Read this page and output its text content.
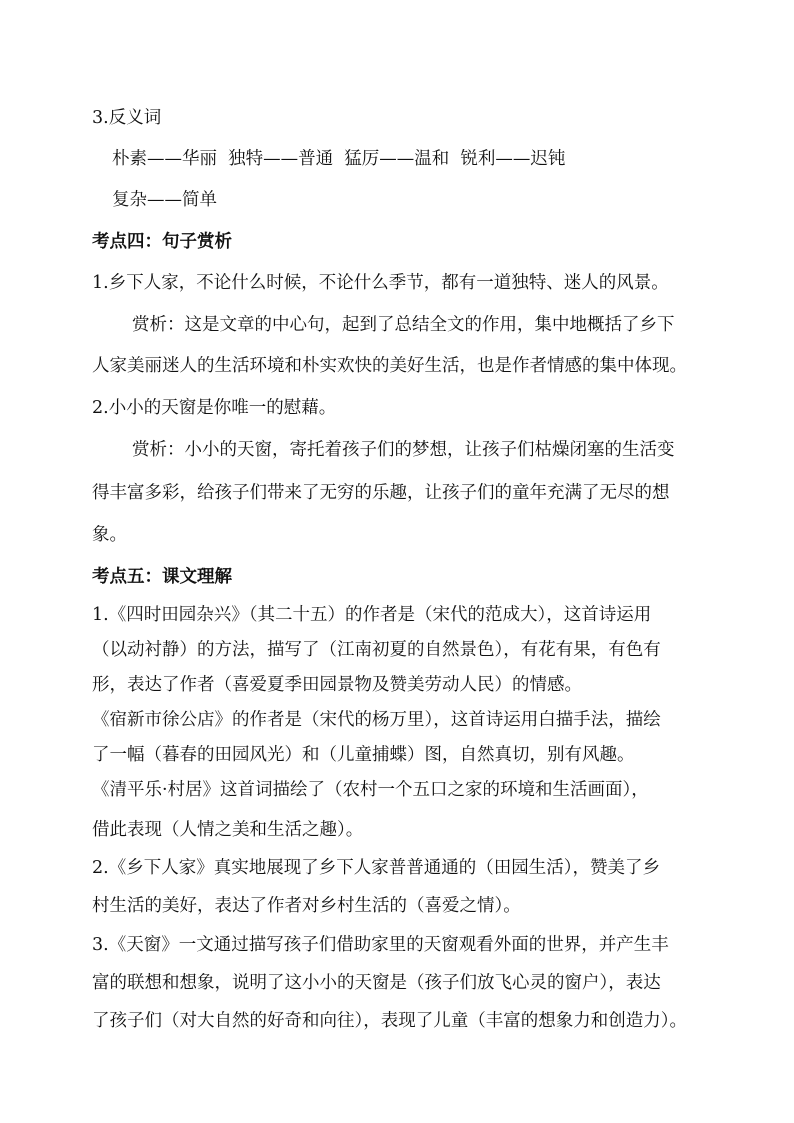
3.反义词
朴素——华丽  独特——普通  猛厉——温和  锐利——迟钝
复杂——简单
考点四：句子赏析
1.乡下人家，不论什么时候，不论什么季节，都有一道独特、迷人的风景。
赏析：这是文章的中心句，起到了总结全文的作用，集中地概括了乡下
人家美丽迷人的生活环境和朴实欢快的美好生活，也是作者情感的集中体现。
2.小小的天窗是你唯一的慰藉。
赏析：小小的天窗，寄托着孩子们的梦想，让孩子们枯燥闭塞的生活变
得丰富多彩，给孩子们带来了无穷的乐趣，让孩子们的童年充满了无尽的想
象。
考点五：课文理解
1.《四时田园杂兴》（其二十五）的作者是（宋代的范成大），这首诗运用
（以动衬静）的方法，描写了（江南初夏的自然景色），有花有果，有色有
形，表达了作者（喜爱夏季田园景物及赞美劳动人民）的情感。
《宿新市徐公店》的作者是（宋代的杨万里），这首诗运用白描手法，描绘
了一幅（暮春的田园风光）和（儿童捕蝶）图，自然真切，别有风趣。
《清平乐·村居》这首词描绘了（农村一个五口之家的环境和生活画面），
借此表现（人情之美和生活之趣）。
2.《乡下人家》真实地展现了乡下人家普普通通的（田园生活），赞美了乡
村生活的美好，表达了作者对乡村生活的（喜爱之情）。
3.《天窗》一文通过描写孩子们借助家里的天窗观看外面的世界，并产生丰
富的联想和想象，说明了这小小的天窗是（孩子们放飞心灵的窗户），表达
了孩子们（对大自然的好奇和向往），表现了儿童（丰富的想象力和创造力）。
